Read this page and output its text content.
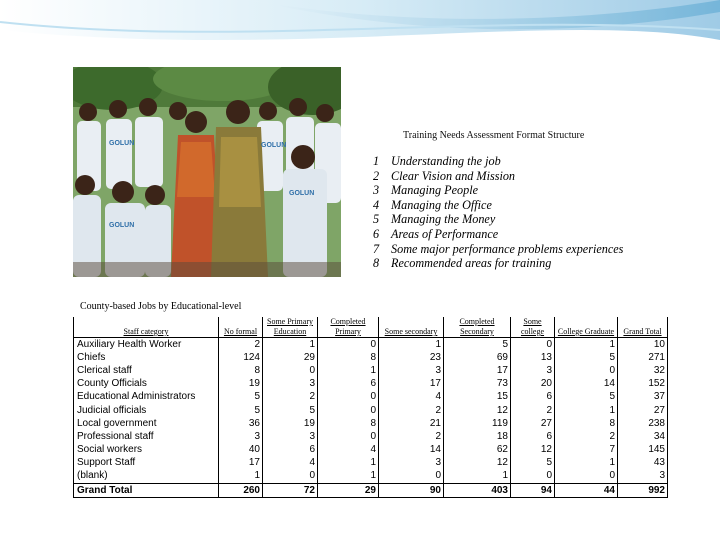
GOLUN
GOLUN
GOLUN	GOLUN
Training Needs Assessment Format Structure
1 Understanding the job
2 Clear Vision and Mission
3 Managing People
4 Managing the Office
5 Managing the Money
6 Areas of Performance
7 Some major performance problems experiences
8 Recommended areas for training
County-based Jobs by Educational-level
Staff category	No formal	Some Primary Education	Completed Primary	Some secondary	Completed Secondary	Some college	College Graduate	Grand Total
Auxiliary Health Worker	2	1	0	1	5	0	1	10
Chiefs	124	29	8	23	69	13	5	271
Clerical staff	8	0	1	3	17	3	0	32
County Officials	19	3	6	17	73	20	14	152
Educational Administrators	5	2	0	4	15	6	5	37
Judicial officials	5	5	0	2	12	2	1	27
Local government	36	19	8	21	119	27	8	238
Professional staff	3	3	0	2	18	6	2	34
Social workers	40	6	4	14	62	12	7	145
Support Staff	17	4	1	3	12	5	1	43
(blank)	1	0	1	0	1	0	0	3
Grand Total	260	72	29	90	403	94	44	992
